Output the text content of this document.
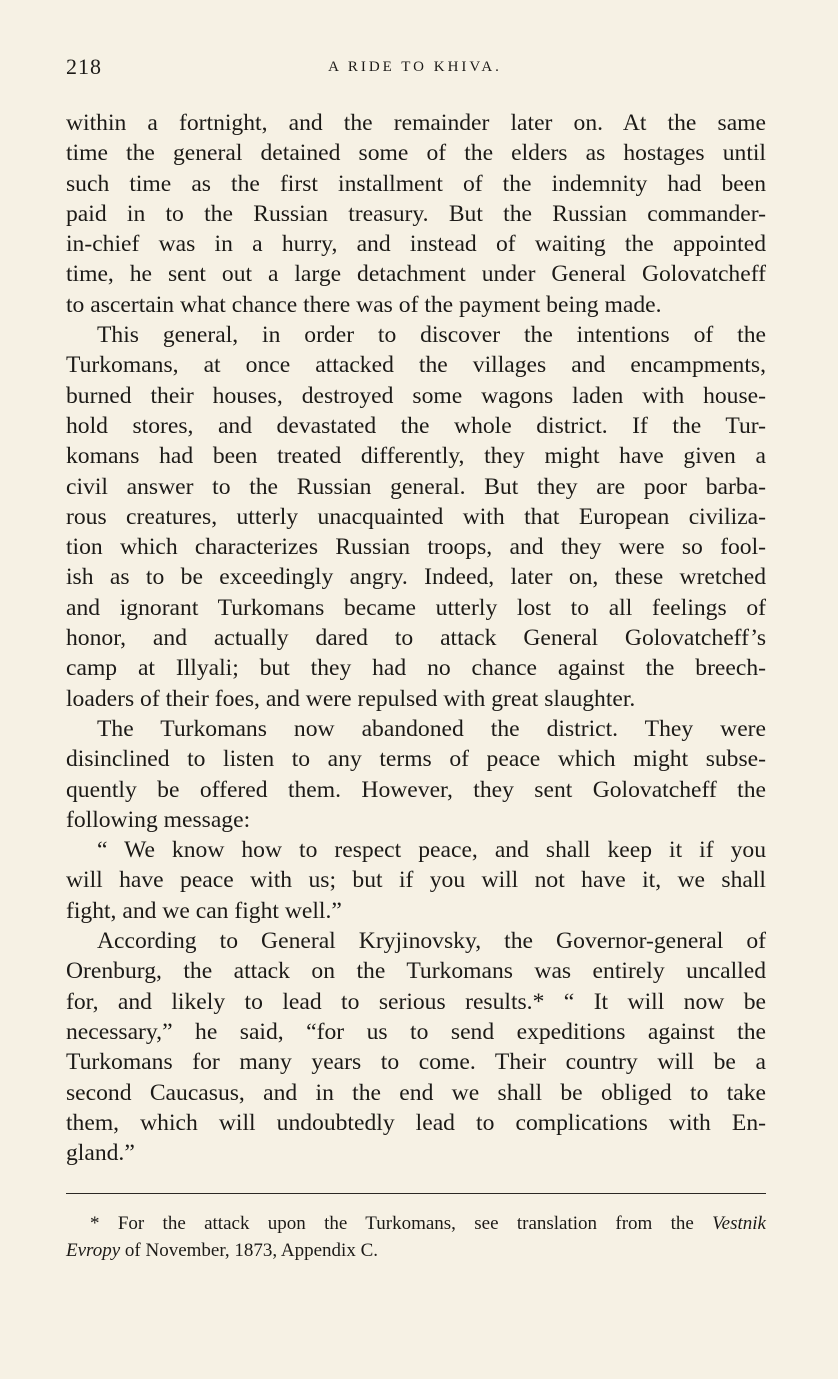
218	A RIDE TO KHIVA.
within a fortnight, and the remainder later on. At the same
time the general detained some of the elders as hostages until
such time as the first installment of the indemnity had been
paid in to the Russian treasury. But the Russian commander-
in-chief was in a hurry, and instead of waiting the appointed
time, he sent out a large detachment under General Golovatcheff
to ascertain what chance there was of the payment being made.
This general, in order to discover the intentions of the
Turkomans, at once attacked the villages and encampments,
burned their houses, destroyed some wagons laden with house-
hold stores, and devastated the whole district. If the Tur-
komans had been treated differently, they might have given a
civil answer to the Russian general. But they are poor barba-
rous creatures, utterly unacquainted with that European civiliza-
tion which characterizes Russian troops, and they were so fool-
ish as to be exceedingly angry. Indeed, later on, these wretched
and ignorant Turkomans became utterly lost to all feelings of
honor, and actually dared to attack General Golovatcheff’s
camp at Illyali; but they had no chance against the breech-
loaders of their foes, and were repulsed with great slaughter.
The Turkomans now abandoned the district. They were
disinclined to listen to any terms of peace which might subse-
quently be offered them. However, they sent Golovatcheff the
following message:
“ We know how to respect peace, and shall keep it if you
will have peace with us; but if you will not have it, we shall
fight, and we can fight well.”
According to General Kryjinovsky, the Governor-general of
Orenburg, the attack on the Turkomans was entirely uncalled
for, and likely to lead to serious results.* “ It will now be
necessary,” he said, “for us to send expeditions against the
Turkomans for many years to come. Their country will be a
second Caucasus, and in the end we shall be obliged to take
them, which will undoubtedly lead to complications with En-
gland.”
* For the attack upon the Turkomans, see translation from the Vestnik
Evropy of November, 1873, Appendix C.
